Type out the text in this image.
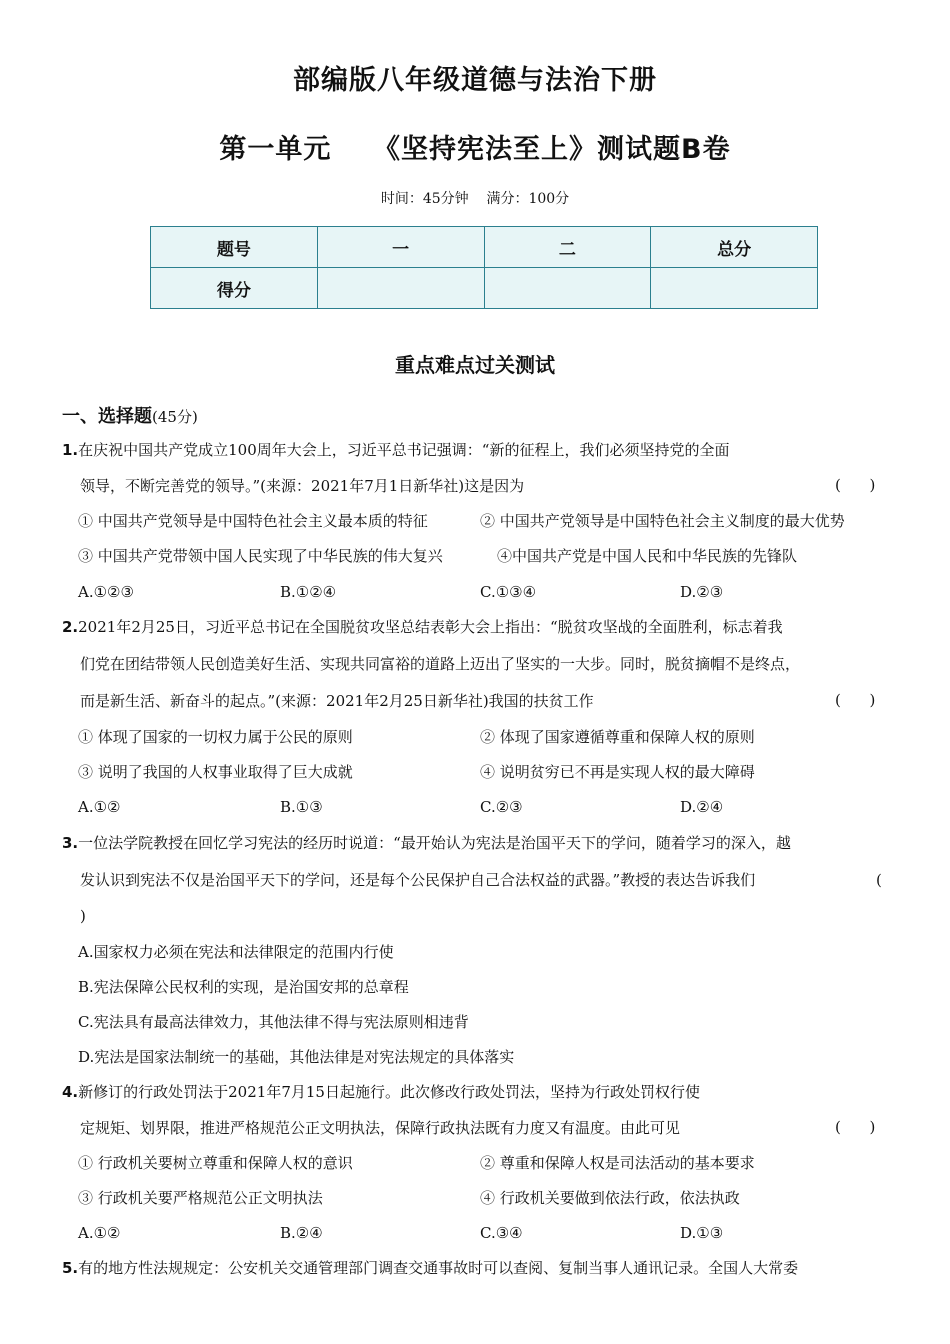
部编版八年级道德与法治下册
第一单元    《坚持宪法至上》测试题B卷
时间：45分钟    满分：100分
题号	一	二	总分
得分			
重点难点过关测试
一、选择题(45分)
1.在庆祝中国共产党成立100周年大会上，习近平总书记强调：“新的征程上，我们必须坚持党的全面
领导，不断完善党的领导。”(来源：2021年7月1日新华社)这是因为	(      )
① 中国共产党领导是中国特色社会主义最本质的特征	② 中国共产党领导是中国特色社会主义制度的最大优势
③ 中国共产党带领中国人民实现了中华民族的伟大复兴	④中国共产党是中国人民和中华民族的先锋队
A.①②③	B.①②④	C.①③④	D.②③
2.2021年2月25日，习近平总书记在全国脱贫攻坚总结表彰大会上指出：“脱贫攻坚战的全面胜利，标志着我
们党在团结带领人民创造美好生活、实现共同富裕的道路上迈出了坚实的一大步。同时，脱贫摘帽不是终点，
而是新生活、新奋斗的起点。”(来源：2021年2月25日新华社)我国的扶贫工作	(      )
① 体现了国家的一切权力属于公民的原则	② 体现了国家遵循尊重和保障人权的原则
③ 说明了我国的人权事业取得了巨大成就	④ 说明贫穷已不再是实现人权的最大障碍
A.①②	B.①③	C.②③	D.②④
3.一位法学院教授在回忆学习宪法的经历时说道：“最开始认为宪法是治国平天下的学问，随着学习的深入，越
发认识到宪法不仅是治国平天下的学问，还是每个公民保护自己合法权益的武器。”教授的表达告诉我们	(
)
A.国家权力必须在宪法和法律限定的范围内行使
B.宪法保障公民权利的实现，是治国安邦的总章程
C.宪法具有最高法律效力，其他法律不得与宪法原则相违背
D.宪法是国家法制统一的基础，其他法律是对宪法规定的具体落实
4.新修订的行政处罚法于2021年7月15日起施行。此次修改行政处罚法，坚持为行政处罚权行使
定规矩、划界限，推进严格规范公正文明执法，保障行政执法既有力度又有温度。由此可见	(      )
① 行政机关要树立尊重和保障人权的意识	② 尊重和保障人权是司法活动的基本要求
③ 行政机关要严格规范公正文明执法	④ 行政机关要做到依法行政，依法执政
A.①②	B.②④	C.③④	D.①③
5.有的地方性法规规定：公安机关交通管理部门调查交通事故时可以查阅、复制当事人通讯记录。全国人大常委
